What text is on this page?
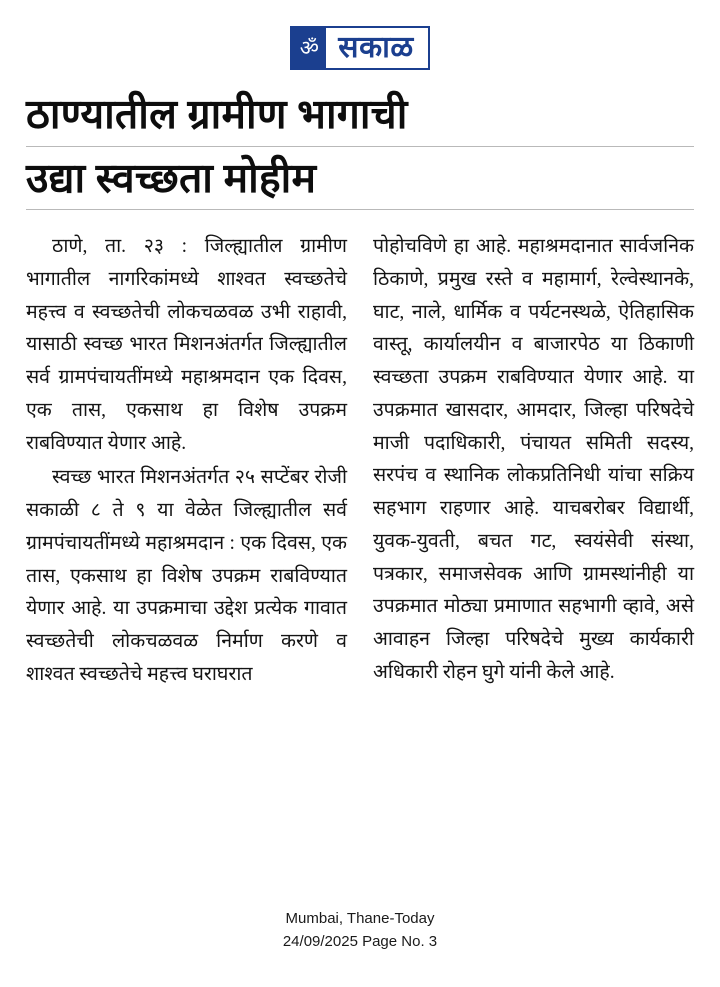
ॐ सकाळ
ठाण्यातील ग्रामीण भागाची
उद्या स्वच्छता मोहीम

ठाणे, ता. २३ : जिल्ह्यातील ग्रामीण भागातील नागरिकांमध्ये शाश्वत स्वच्छतेचे महत्त्व व स्वच्छतेची लोकचळवळ उभी राहावी, यासाठी स्वच्छ भारत मिशनअंतर्गत जिल्ह्यातील सर्व ग्रामपंचायतींमध्ये महाश्रमदान एक दिवस, एक तास, एकसाथ हा विशेष उपक्रम राबविण्यात येणार आहे.

स्वच्छ भारत मिशनअंतर्गत २५ सप्टेंबर रोजी सकाळी ८ ते ९ या वेळेत जिल्ह्यातील सर्व ग्रामपंचायतींमध्ये महाश्रमदान : एक दिवस, एक तास, एकसाथ हा विशेष उपक्रम राबविण्यात येणार आहे. या उपक्रमाचा उद्देश प्रत्येक गावात स्वच्छतेची लोकचळवळ निर्माण करणे व शाश्वत स्वच्छतेचे महत्त्व घराघरात

पोहोचविणे हा आहे. महाश्रमदानात सार्वजनिक ठिकाणे, प्रमुख रस्ते व महामार्ग, रेल्वेस्थानके, घाट, नाले, धार्मिक व पर्यटनस्थळे, ऐतिहासिक वास्तू, कार्यालयीन व बाजारपेठ या ठिकाणी स्वच्छता उपक्रम राबविण्यात येणार आहे. या उपक्रमात खासदार, आमदार, जिल्हा परिषदेचे माजी पदाधिकारी, पंचायत समिती सदस्य, सरपंच व स्थानिक लोकप्रतिनिधी यांचा सक्रिय सहभाग राहणार आहे. याचबरोबर विद्यार्थी, युवक-युवती, बचत गट, स्वयंसेवी संस्था, पत्रकार, समाजसेवक आणि ग्रामस्थांनीही या उपक्रमात मोठ्या प्रमाणात सहभागी व्हावे, असे आवाहन जिल्हा परिषदेचे मुख्य कार्यकारी अधिकारी रोहन घुगे यांनी केले आहे.

Mumbai, Thane-Today
24/09/2025 Page No. 3
